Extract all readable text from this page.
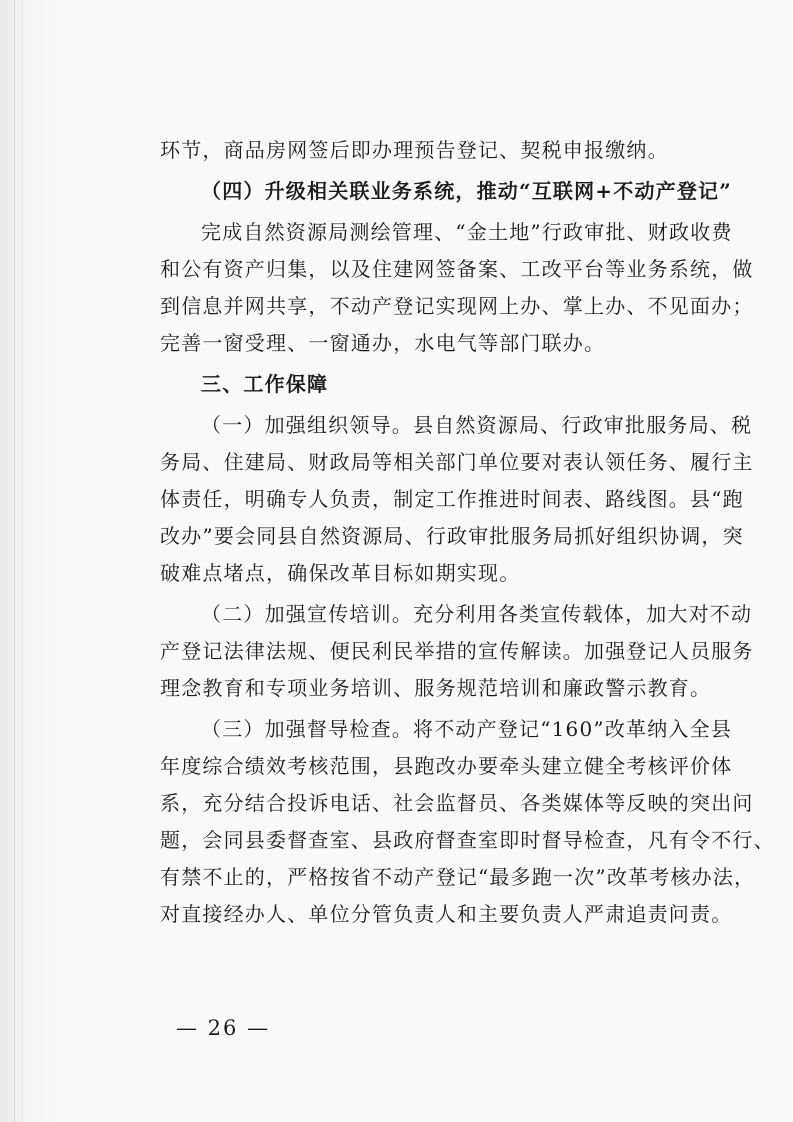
环节，商品房网签后即办理预告登记、契税申报缴纳。
（四）升级相关联业务系统，推动“互联网+不动产登记”
完成自然资源局测绘管理、“金土地”行政审批、财政收费
和公有资产归集，以及住建网签备案、工改平台等业务系统，做
到信息并网共享，不动产登记实现网上办、掌上办、不见面办；
完善一窗受理、一窗通办，水电气等部门联办。
三、工作保障
（一）加强组织领导。县自然资源局、行政审批服务局、税
务局、住建局、财政局等相关部门单位要对表认领任务、履行主
体责任，明确专人负责，制定工作推进时间表、路线图。县“跑
改办”要会同县自然资源局、行政审批服务局抓好组织协调，突
破难点堵点，确保改革目标如期实现。
（二）加强宣传培训。充分利用各类宣传载体，加大对不动
产登记法律法规、便民利民举措的宣传解读。加强登记人员服务
理念教育和专项业务培训、服务规范培训和廉政警示教育。
（三）加强督导检查。将不动产登记“160”改革纳入全县
年度综合绩效考核范围，县跑改办要牵头建立健全考核评价体
系，充分结合投诉电话、社会监督员、各类媒体等反映的突出问
题，会同县委督查室、县政府督查室即时督导检查，凡有令不行、
有禁不止的，严格按省不动产登记“最多跑一次”改革考核办法，
对直接经办人、单位分管负责人和主要负责人严肃追责问责。
— 26 —
